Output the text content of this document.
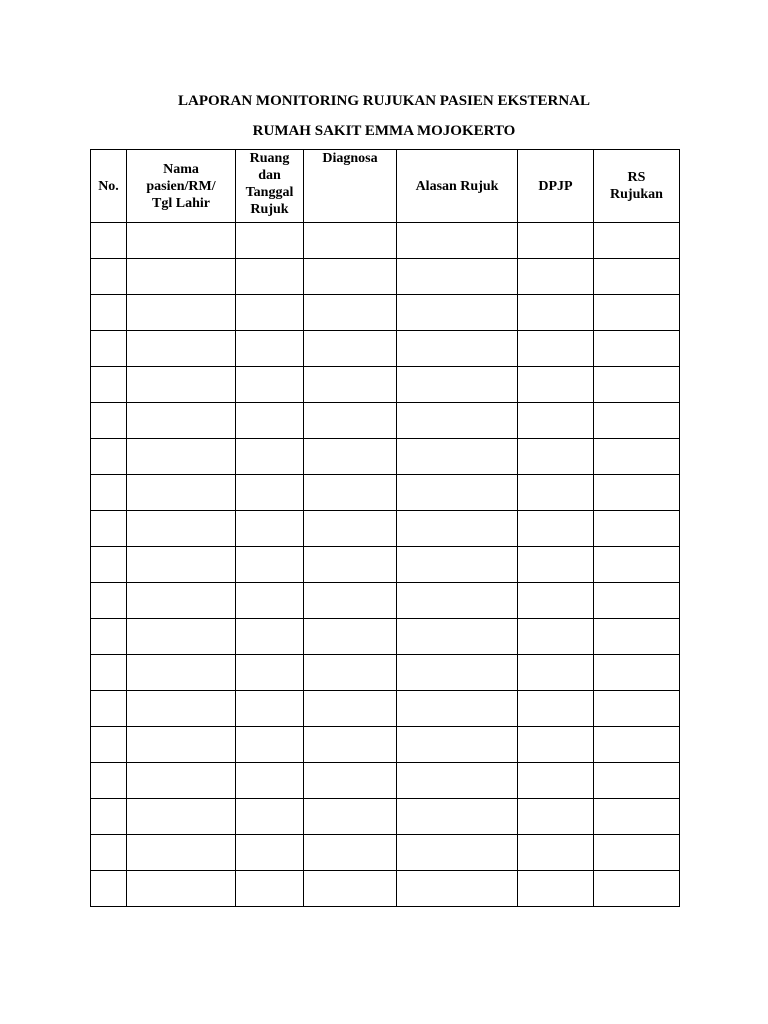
LAPORAN MONITORING RUJUKAN PASIEN EKSTERNAL
RUMAH SAKIT EMMA MOJOKERTO
No.	Nama
pasien/RM/
Tgl Lahir	Ruang
dan
Tanggal
Rujuk	Diagnosa	Alasan Rujuk	DPJP	RS
Rujukan
